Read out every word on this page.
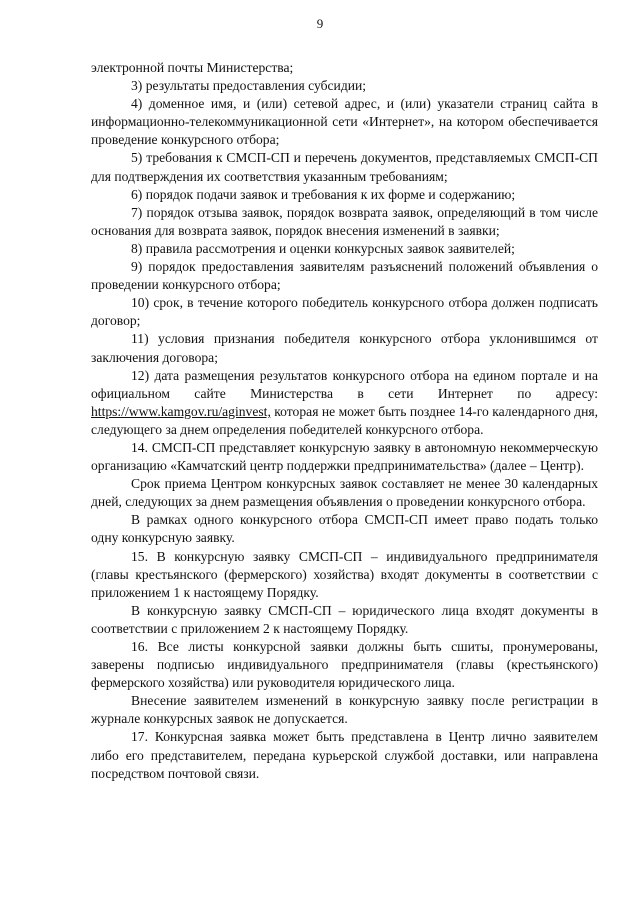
9

электронной почты Министерства;

3) результаты предоставления субсидии;

4) доменное имя, и (или) сетевой адрес, и (или) указатели страниц сайта в информационно-телекоммуникационной сети «Интернет», на котором обеспечивается проведение конкурсного отбора;

5) требования к СМСП-СП и перечень документов, представляемых СМСП-СП для подтверждения их соответствия указанным требованиям;

6) порядок подачи заявок и требования к их форме и содержанию;

7) порядок отзыва заявок, порядок возврата заявок, определяющий в том числе основания для возврата заявок, порядок внесения изменений в заявки;

8) правила рассмотрения и оценки конкурсных заявок заявителей;

9) порядок предоставления заявителям разъяснений положений объявления о проведении конкурсного отбора;

10) срок, в течение которого победитель конкурсного отбора должен подписать договор;

11) условия признания победителя конкурсного отбора уклонившимся от заключения договора;

12) дата размещения результатов конкурсного отбора на едином портале и на официальном сайте Министерства в сети Интернет по адресу: https://www.kamgov.ru/aginvest, которая не может быть позднее 14-го календарного дня, следующего за днем определения победителей конкурсного отбора.

14. СМСП-СП представляет конкурсную заявку в автономную некоммерческую организацию «Камчатский центр поддержки предпринимательства» (далее – Центр).

Срок приема Центром конкурсных заявок составляет не менее 30 календарных дней, следующих за днем размещения объявления о проведении конкурсного отбора.

В рамках одного конкурсного отбора СМСП-СП имеет право подать только одну конкурсную заявку.

15. В конкурсную заявку СМСП-СП – индивидуального предпринимателя (главы крестьянского (фермерского) хозяйства) входят документы в соответствии с приложением 1 к настоящему Порядку.

В конкурсную заявку СМСП-СП – юридического лица входят документы в соответствии с приложением 2 к настоящему Порядку.

16. Все листы конкурсной заявки должны быть сшиты, пронумерованы, заверены подписью индивидуального предпринимателя (главы (крестьянского) фермерского хозяйства) или руководителя юридического лица.

Внесение заявителем изменений в конкурсную заявку после регистрации в журнале конкурсных заявок не допускается.

17. Конкурсная заявка может быть представлена в Центр лично заявителем либо его представителем, передана курьерской службой доставки, или направлена посредством почтовой связи.
